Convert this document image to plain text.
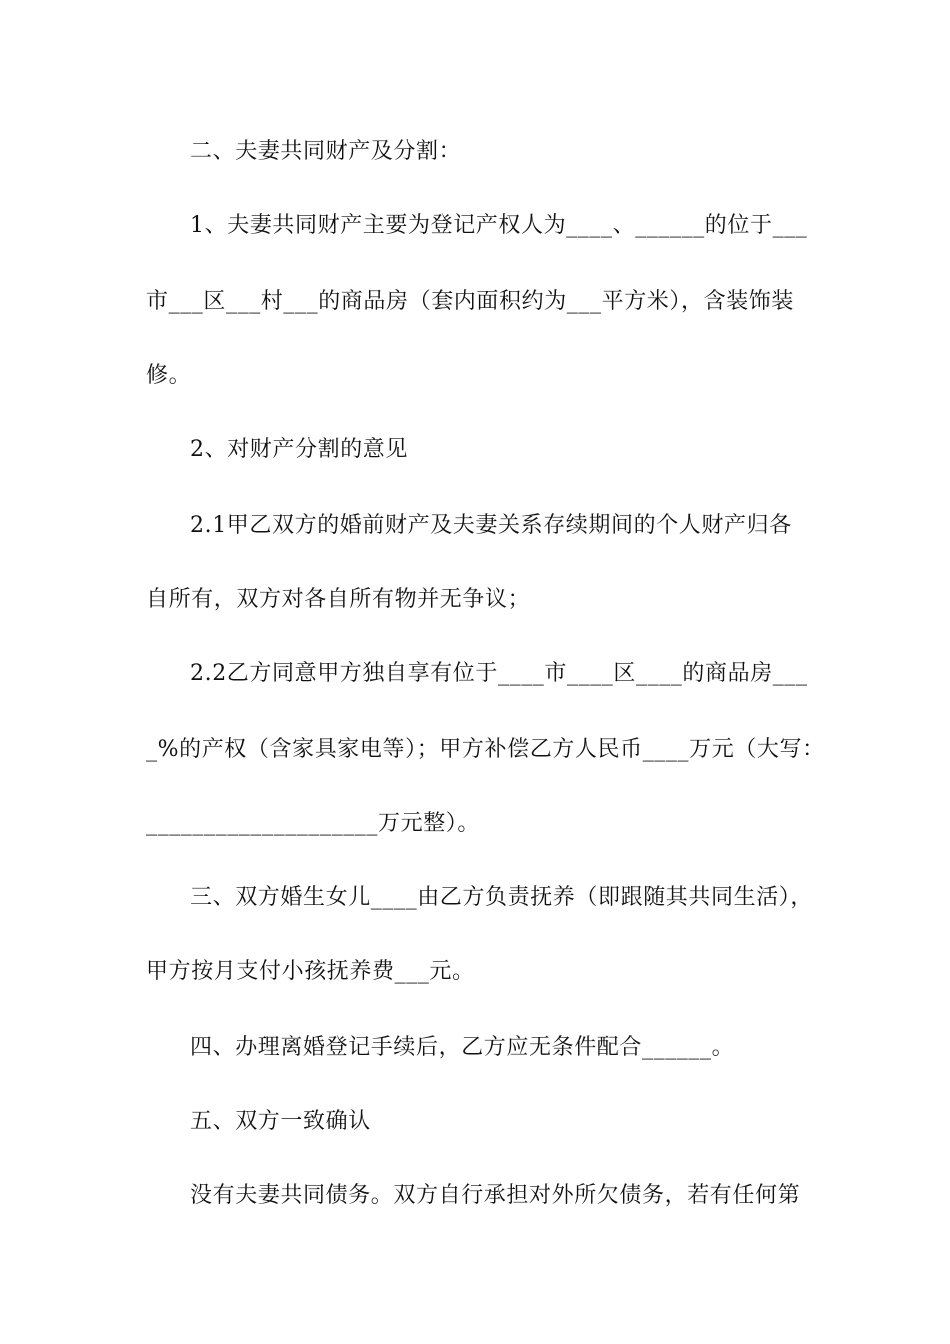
二、夫妻共同财产及分割：
1、夫妻共同财产主要为登记产权人为____、______的位于___
市___区___村___的商品房（套内面积约为___平方米），含装饰装
修。
2、对财产分割的意见
2.1甲乙双方的婚前财产及夫妻关系存续期间的个人财产归各
自所有，双方对各自所有物并无争议；
2.2乙方同意甲方独自享有位于____市____区____的商品房___
_%的产权（含家具家电等）；甲方补偿乙方人民币____万元（大写：
____________________万元整）。
三、双方婚生女儿____由乙方负责抚养（即跟随其共同生活），
甲方按月支付小孩抚养费___元。
四、办理离婚登记手续后，乙方应无条件配合______。
五、双方一致确认
没有夫妻共同债务。双方自行承担对外所欠债务，若有任何第
